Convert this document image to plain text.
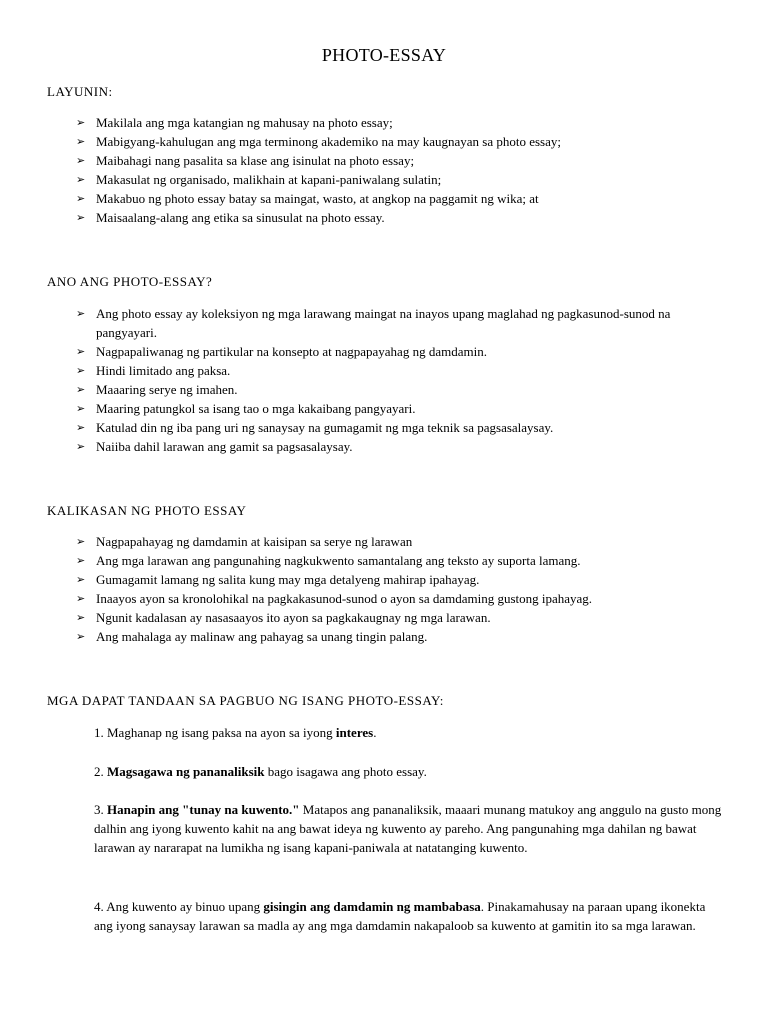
PHOTO-ESSAY
LAYUNIN:
➢ Makilala ang mga katangian ng mahusay na photo essay;
➢ Mabigyang-kahulugan ang mga terminong akademiko na may kaugnayan sa photo essay;
➢ Maibahagi nang pasalita sa klase ang isinulat na photo essay;
➢ Makasulat ng organisado, malikhain at kapani-paniwalang sulatin;
➢ Makabuo ng photo essay batay sa maingat, wasto, at angkop na paggamit ng wika; at
➢ Maisaalang-alang ang etika sa sinusulat na photo essay.
ANO ANG PHOTO-ESSAY?
➢ Ang photo essay ay koleksiyon ng mga larawang maingat na inayos upang maglahad ng pagkasunod-sunod na pangyayari.
➢ Nagpapaliwanag ng partikular na konsepto at nagpapayahag ng damdamin.
➢ Hindi limitado ang paksa.
➢ Maaaring serye ng imahen.
➢ Maaring patungkol sa isang tao o mga kakaibang pangyayari.
➢ Katulad din ng iba pang uri ng sanaysay na gumagamit ng mga teknik sa pagsasalaysay.
➢ Naiiba dahil larawan ang gamit sa pagsasalaysay.
KALIKASAN NG PHOTO ESSAY
➢ Nagpapahayag ng damdamin at kaisipan sa serye ng larawan
➢ Ang mga larawan ang pangunahing nagkukwento samantalang ang teksto ay suporta lamang.
➢ Gumagamit lamang ng salita kung may mga detalyeng mahirap ipahayag.
➢ Inaayos ayon sa kronolohikal na pagkakasunod-sunod o ayon sa damdaming gustong ipahayag.
➢ Ngunit kadalasan ay nasasaayos ito ayon sa pagkakaugnay ng mga larawan.
➢ Ang mahalaga ay malinaw ang pahayag sa unang tingin palang.
MGA DAPAT TANDAAN SA PAGBUO NG ISANG PHOTO-ESSAY:
1. Maghanap ng isang paksa na ayon sa iyong interes.
2. Magsagawa ng pananaliksik bago isagawa ang photo essay.
3. Hanapin ang "tunay na kuwento." Matapos ang pananaliksik, maaari munang matukoy ang anggulo na gusto mong dalhin ang iyong kuwento kahit na ang bawat ideya ng kuwento ay pareho. Ang pangunahing mga dahilan ng bawat larawan ay nararapat na lumikha ng isang kapani-paniwala at natatanging kuwento.
4. Ang kuwento ay binuo upang gisingin ang damdamin ng mambabasa. Pinakamahusay na paraan upang ikonekta ang iyong sanaysay larawan sa madla ay ang mga damdamin nakapaloob sa kuwento at gamitin ito sa mga larawan.
